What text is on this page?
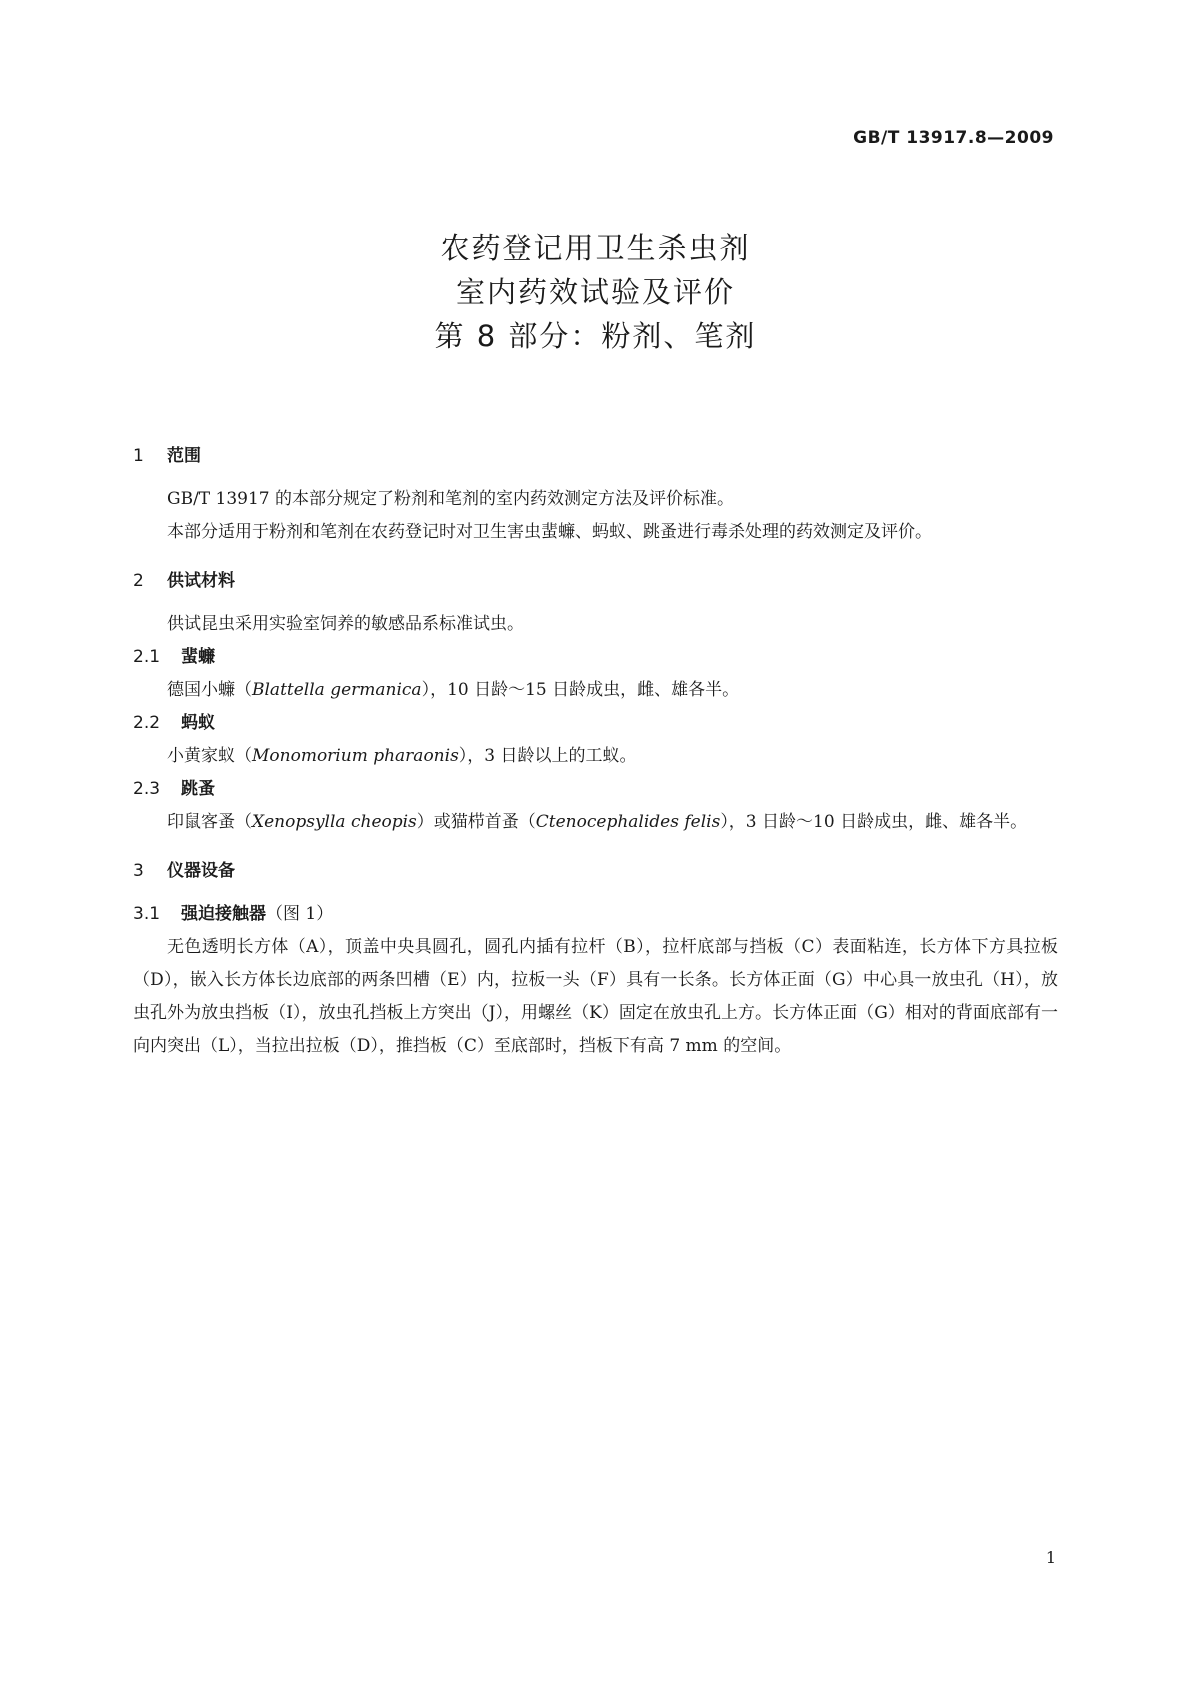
GB/T 13917.8—2009
农药登记用卫生杀虫剂
室内药效试验及评价
第 8 部分：粉剂、笔剂
1	范围

GB/T 13917 的本部分规定了粉剂和笔剂的室内药效测定方法及评价标准。

本部分适用于粉剂和笔剂在农药登记时对卫生害虫蜚蠊、蚂蚁、跳蚤进行毒杀处理的药效测定及评价。

2	供试材料

供试昆虫采用实验室饲养的敏感品系标准试虫。

2.1	蜚蠊

德国小蠊（Blattella germanica），10 日龄～15 日龄成虫，雌、雄各半。

2.2	蚂蚁

小黄家蚁（Monomorium pharaonis），3 日龄以上的工蚁。

2.3	跳蚤

印鼠客蚤（Xenopsylla cheopis）或猫栉首蚤（Ctenocephalides felis），3 日龄～10 日龄成虫，雌、雄各半。

3	仪器设备
3.1	强迫接触器 （图 1）

无色透明长方体（A），顶盖中央具圆孔，圆孔内插有拉杆（B），拉杆底部与挡板（C）表面粘连，长方体下方具拉板（D），嵌入长方体长边底部的两条凹槽（E）内，拉板一头（F）具有一长条。长方体正面（G）中心具一放虫孔（H），放虫孔外为放虫挡板（I），放虫孔挡板上方突出（J），用螺丝（K）固定在放虫孔上方。长方体正面（G）相对的背面底部有一向内突出（L），当拉出拉板（D），推挡板（C）至底部时，挡板下有高 7 mm 的空间。

1
